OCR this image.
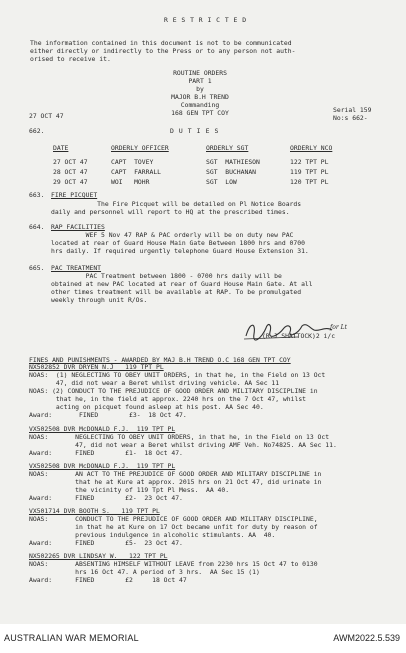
R E S T R I C T E D
The information contained in this document is not to be communicated
either directly or indirectly to the Press or to any person not auth-
orised to receive it.
ROUTINE ORDERS
PART 1
by
MAJOR B.H TREND
Commanding
168 GEN TPT COY
27 OCT 47
Serial 159
No:s 662-
662.	D U T I E S
DATE	ORDERLY OFFICER	ORDERLY SGT	ORDERLY NCO
27 OCT 47	CAPT  TOVEY	SGT  MATHIESON	122 TPT PL
28 OCT 47	CAPT  FARRALL	SGT  BUCHANAN	119 TPT PL
29 OCT 47	WOI   MOHR	SGT  LOW	120 TPT PL
663. FIRE PICQUET
The Fire Picquet will be detailed on Pl Notice Boards
daily and personnel will report to HQ at the prescribed times.
664. RAP FACILITIES
WEF 5 Nov 47 RAP & PAC orderly will be on duty new PAC
located at rear of Guard House Main Gate Between 1800 hrs and 0700
hrs daily. If required urgently telephone Guard House Extension 31.
665. PAC TREATMENT
PAC Treatment between 1800 - 0700 hrs daily will be
obtained at new PAC located at rear of Guard House Main Gate. At all
other times treatment will be available at RAP. To be promulgated
weekly through unit R/Os.
for Lt
(R.J SHATTOCK)2 i/c
FINES AND PUNISHMENTS - AWARDED BY MAJ B.H TREND O.C 168 GEN TPT COY
NX502852 DVR DRYEN N.J   119 TPT PL
NOAS:  (1) NEGLECTING TO OBEY UNIT ORDERS, in that he, in the Field on 13 Oct
47, did not wear a Beret whilst driving vehicle. AA Sec 11
NOAS: (2) CONDUCT TO THE PREJUDICE OF GOOD ORDER AND MILITARY DISCIPLINE in
that he, in the field at approx. 2240 hrs on the 7 Oct 47, whilst
acting on picquet found asleep at his post. AA Sec 40.
Award:       FINED        £3-  18 Oct 47.
VX502508 DVR McDONALD F.J.  119 TPT PL
NOAS:       NEGLECTING TO OBEY UNIT ORDERS, in that he, in the Field on 13 Oct
47, did not wear a Beret whilst driving AMF Veh. No74825. AA Sec 11.
Award:      FINED        £1-  18 Oct 47.
VX502508 DVR McDONALD F.J.  119 TPT PL
NOAS:       AN ACT TO THE PREJUDICE OF GOOD ORDER AND MILITARY DISCIPLINE in
that he at Kure at approx. 2015 hrs on 21 Oct 47, did urinate in
the vicinity of 119 Tpt Pl Mess.  AA 40.
Award:      FINED        £2-  23 Oct 47.
VX501714 DVR BOOTH S.   119 TPT PL
NOAS:       CONDUCT TO THE PREJUDICE OF GOOD ORDER AND MILITARY DISCIPLINE,
in that he at Kure on 17 Oct became unfit for duty by reason of
previous indulgence in alcoholic stimulants. AA  40.
Award:      FINED        £5-  23 Oct 47.
NX502265 DVR LINDSAY W.   122 TPT PL
NOAS:       ABSENTING HIMSELF WITHOUT LEAVE from 2230 hrs 15 Oct 47 to 0130
hrs 16 Oct 47. A period of 3 hrs.  AA Sec 15 (1)
Award:      FINED        £2     18 Oct 47
AUSTRALIAN WAR MEMORIAL	AWM2022.5.539
